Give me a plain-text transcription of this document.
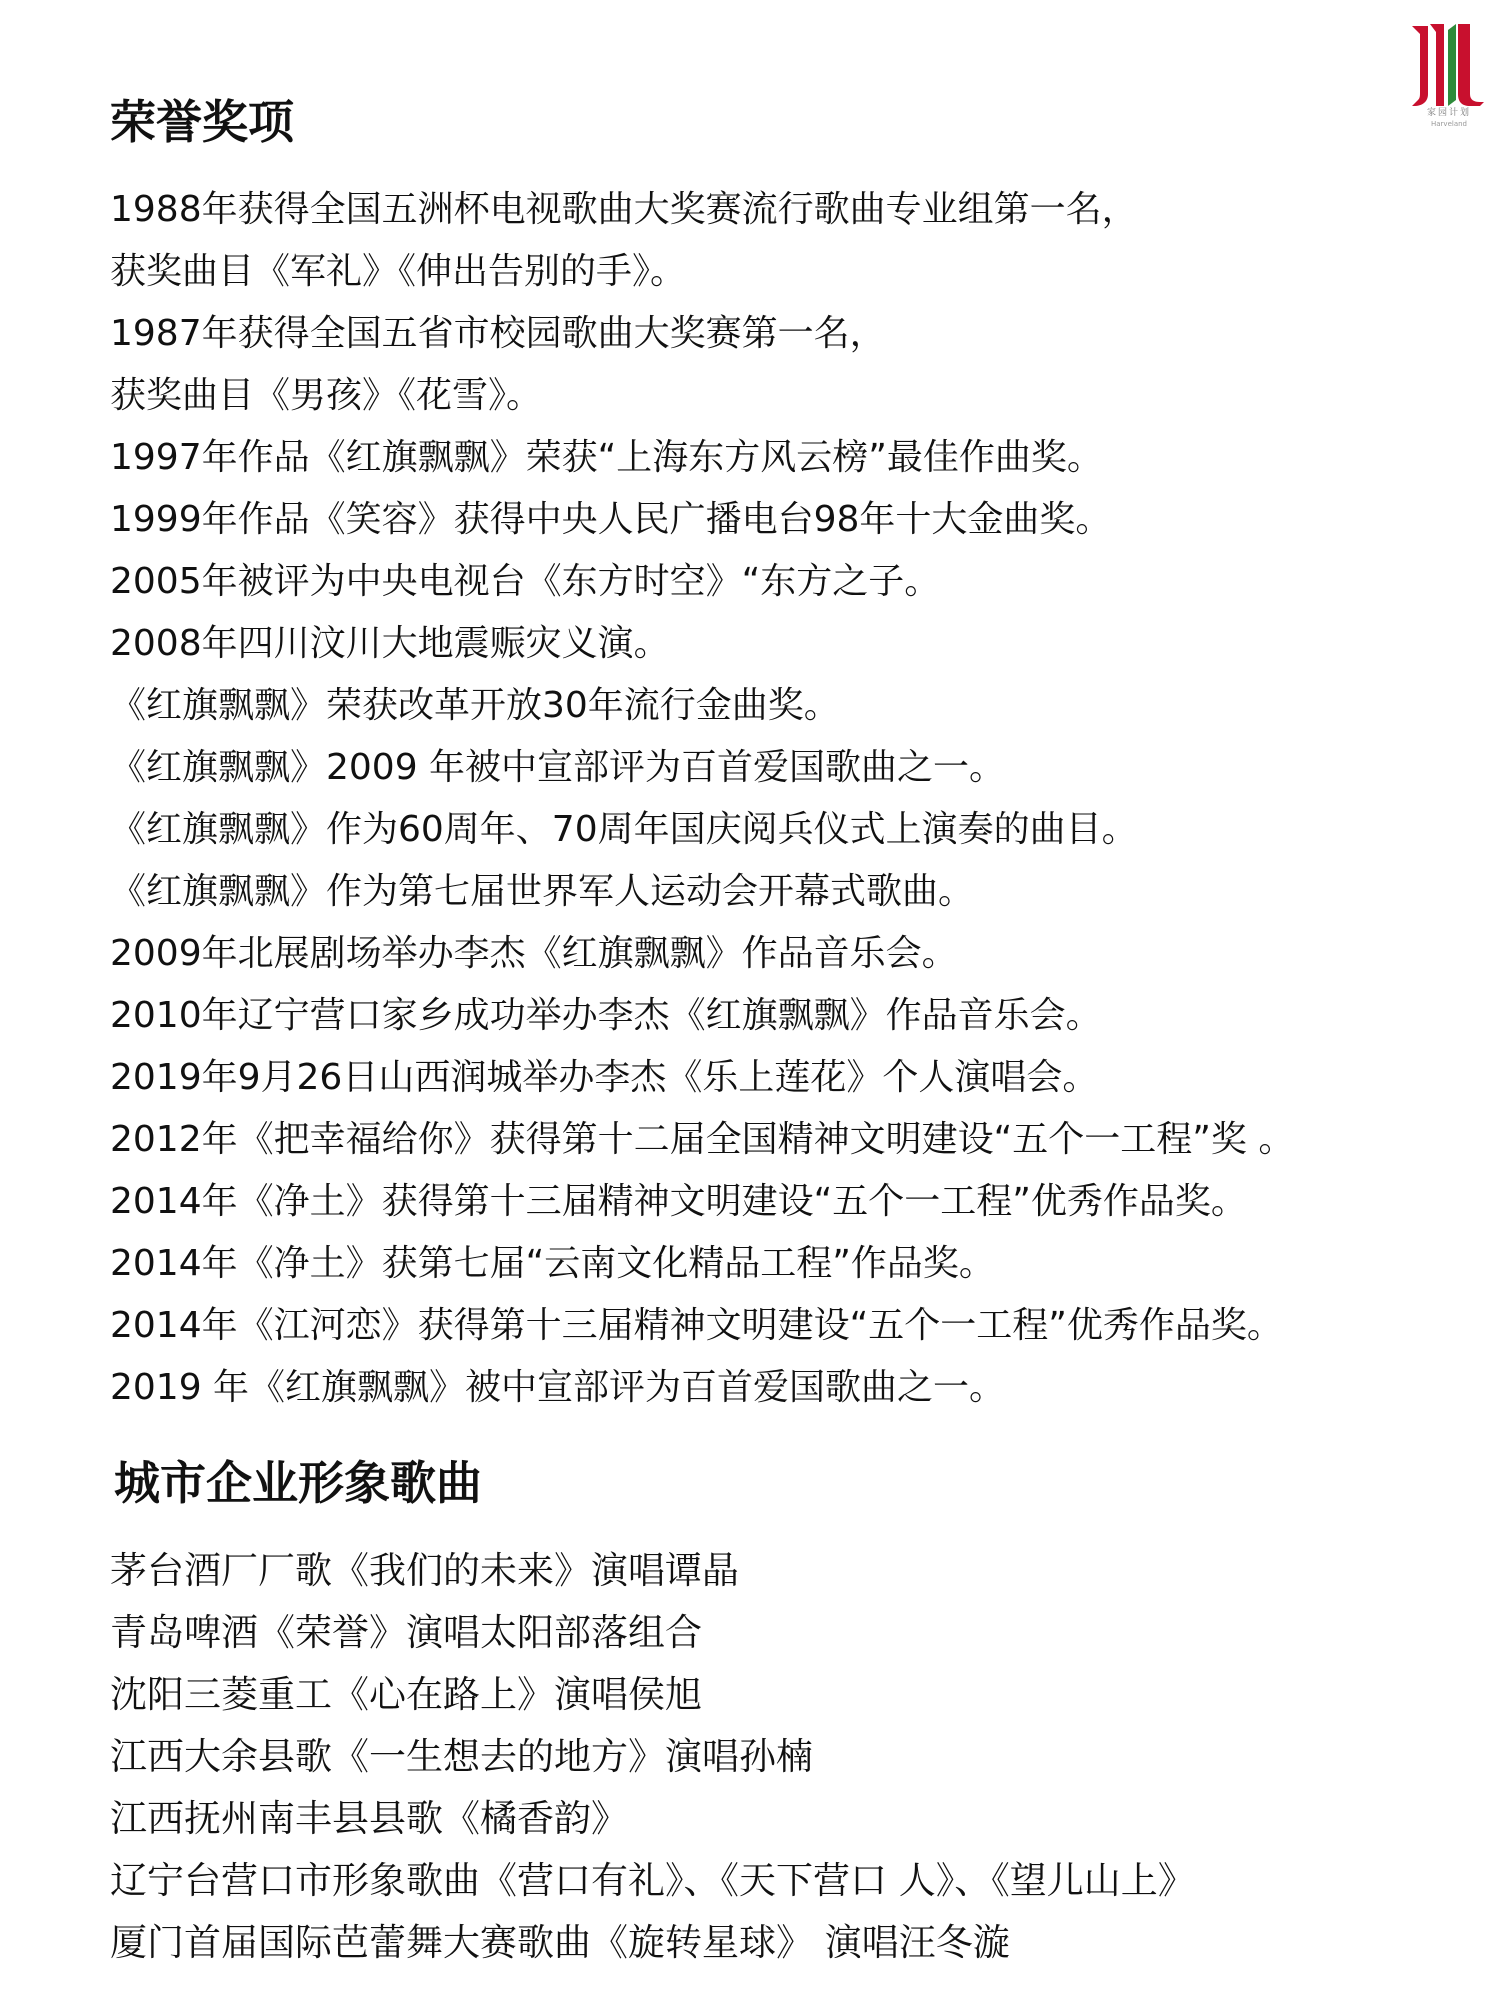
家园计划
Harveland
荣誉奖项
1988年获得全国五洲杯电视歌曲大奖赛流行歌曲专业组第一名，
获奖曲目《军礼》《伸出告别的手》。
1987年获得全国五省市校园歌曲大奖赛第一名，
获奖曲目《男孩》《花雪》。
1997年作品《红旗飘飘》荣获“上海东方风云榜”最佳作曲奖。
1999年作品《笑容》获得中央人民广播电台98年十大金曲奖。
2005年被评为中央电视台《东方时空》“东方之子。
2008年四川汶川大地震赈灾义演。
《红旗飘飘》荣获改革开放30年流行金曲奖。
《红旗飘飘》2009 年被中宣部评为百首爱国歌曲之一。
《红旗飘飘》作为60周年、70周年国庆阅兵仪式上演奏的曲目。
《红旗飘飘》作为第七届世界军人运动会开幕式歌曲。
2009年北展剧场举办李杰《红旗飘飘》作品音乐会。
2010年辽宁营口家乡成功举办李杰《红旗飘飘》作品音乐会。
2019年9月26日山西润城举办李杰《乐上莲花》个人演唱会。
2012年《把幸福给你》获得第十二届全国精神文明建设“五个一工程”奖 。
2014年《净土》获得第十三届精神文明建设“五个一工程”优秀作品奖。
2014年《净土》获第七届“云南文化精品工程”作品奖。
2014年《江河恋》获得第十三届精神文明建设“五个一工程”优秀作品奖。
2019 年《红旗飘飘》被中宣部评为百首爱国歌曲之一。
城市企业形象歌曲
茅台酒厂厂歌《我们的未来》演唱谭晶
青岛啤酒《荣誉》演唱太阳部落组合
沈阳三菱重工《心在路上》演唱侯旭
江西大余县歌《一生想去的地方》演唱孙楠
江西抚州南丰县县歌《橘香韵》
辽宁台营口市形象歌曲《营口有礼》、《天下营口 人》、《望儿山上》
厦门首届国际芭蕾舞大赛歌曲《旋转星球》 演唱汪冬漩
